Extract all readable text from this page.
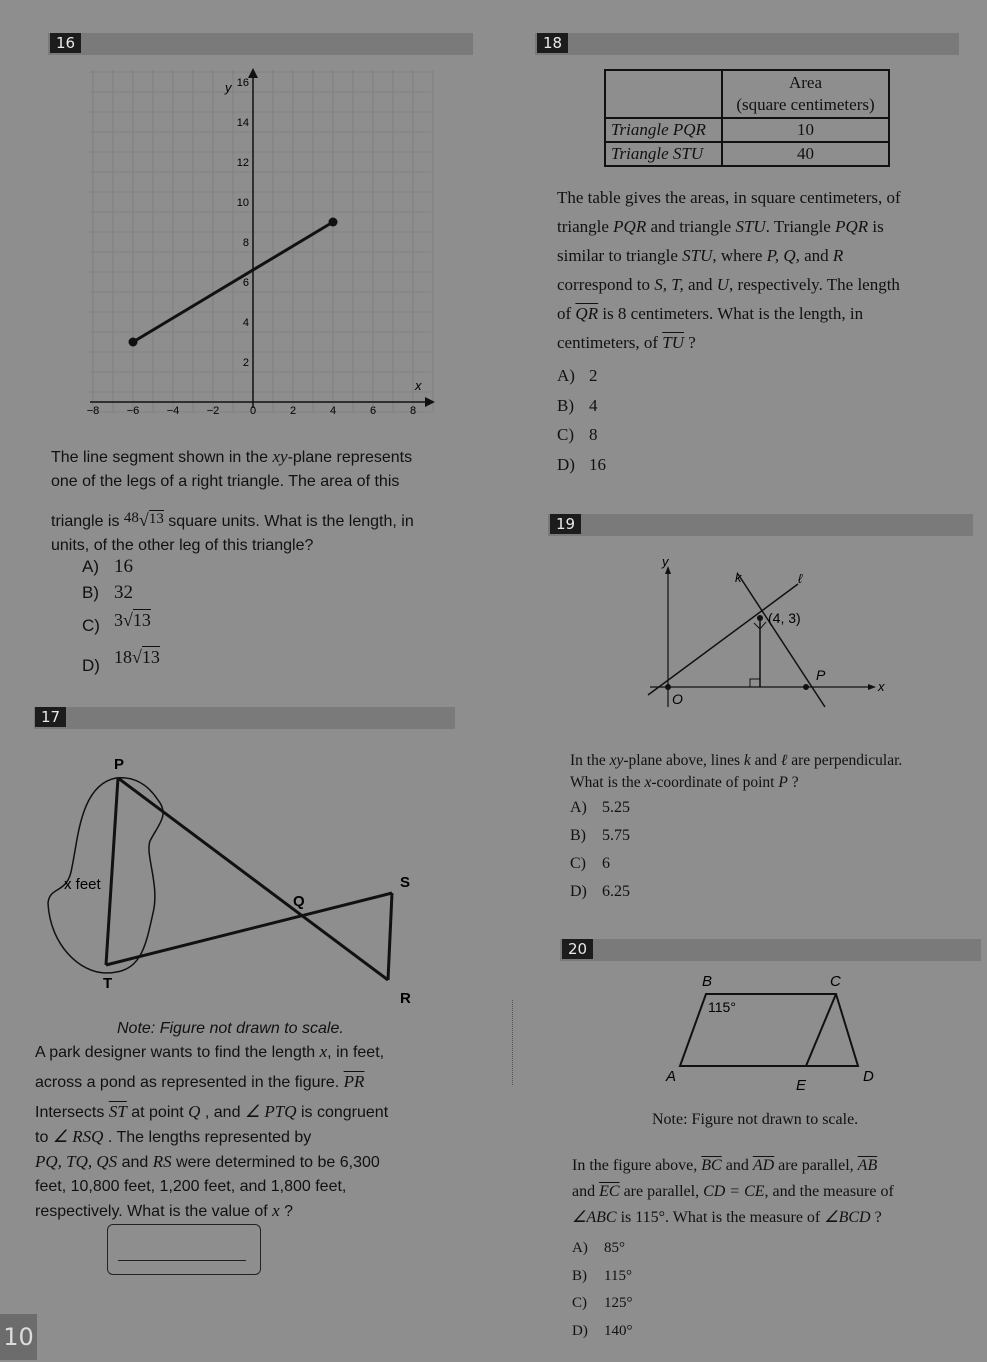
16
y
x
16
14
12
10
8
6
4
2
−8 −6 −4 −2	0	2	4	6	8
The line segment shown in the xy-plane represents
one of the legs of a right triangle. The area of this
triangle is 48√13 square units. What is the length, in
units, of the other leg of this triangle?
A) 16
B) 32
C) 3√13
D) 18√13
17
P
Q
S
T
R
x feet
Note: Figure not drawn to scale.
A park designer wants to find the length x, in feet,
across a pond as represented in the figure. $\overline{PR}$
Intersects $\overline{ST}$ at point Q , and ∠ PTQ is congruent
to ∠ RSQ . The lengths represented by
PQ, TQ, QS and RS were determined to be 6,300
feet, 10,800 feet, 1,200 feet, and 1,800 feet,
respectively. What is the value of x ?
18

	Area
(square centimeters)

Triangle PQR	10
Triangle STU	40
The table gives the areas, in square centimeters, of
triangle PQR and triangle STU. Triangle PQR is
similar to triangle STU, where P, Q, and R
correspond to S, T, and U, respectively. The length
of $\overline{QR}$ is 8 centimeters. What is the length, in
centimeters, of $\overline{TU}$ ?
A) 2
B) 4
C) 8
D) 16
19
y
x
k	ℓ
(4, 3)
P
O
In the xy-plane above, lines k and ℓ are perpendicular.
What is the x-coordinate of point P ?
A) 5.25
B) 5.75
C) 6
D) 6.25
20
B	C
A	D
E
115°
Note: Figure not drawn to scale.
In the figure above, $\overline{BC}$ and $\overline{AD}$ are parallel, $\overline{AB}$
and $\overline{EC}$ are parallel, CD = CE, and the measure of
∠ABC is 115°. What is the measure of ∠BCD ?
A) 85°
B) 115°
C) 125°
D) 140°
10
